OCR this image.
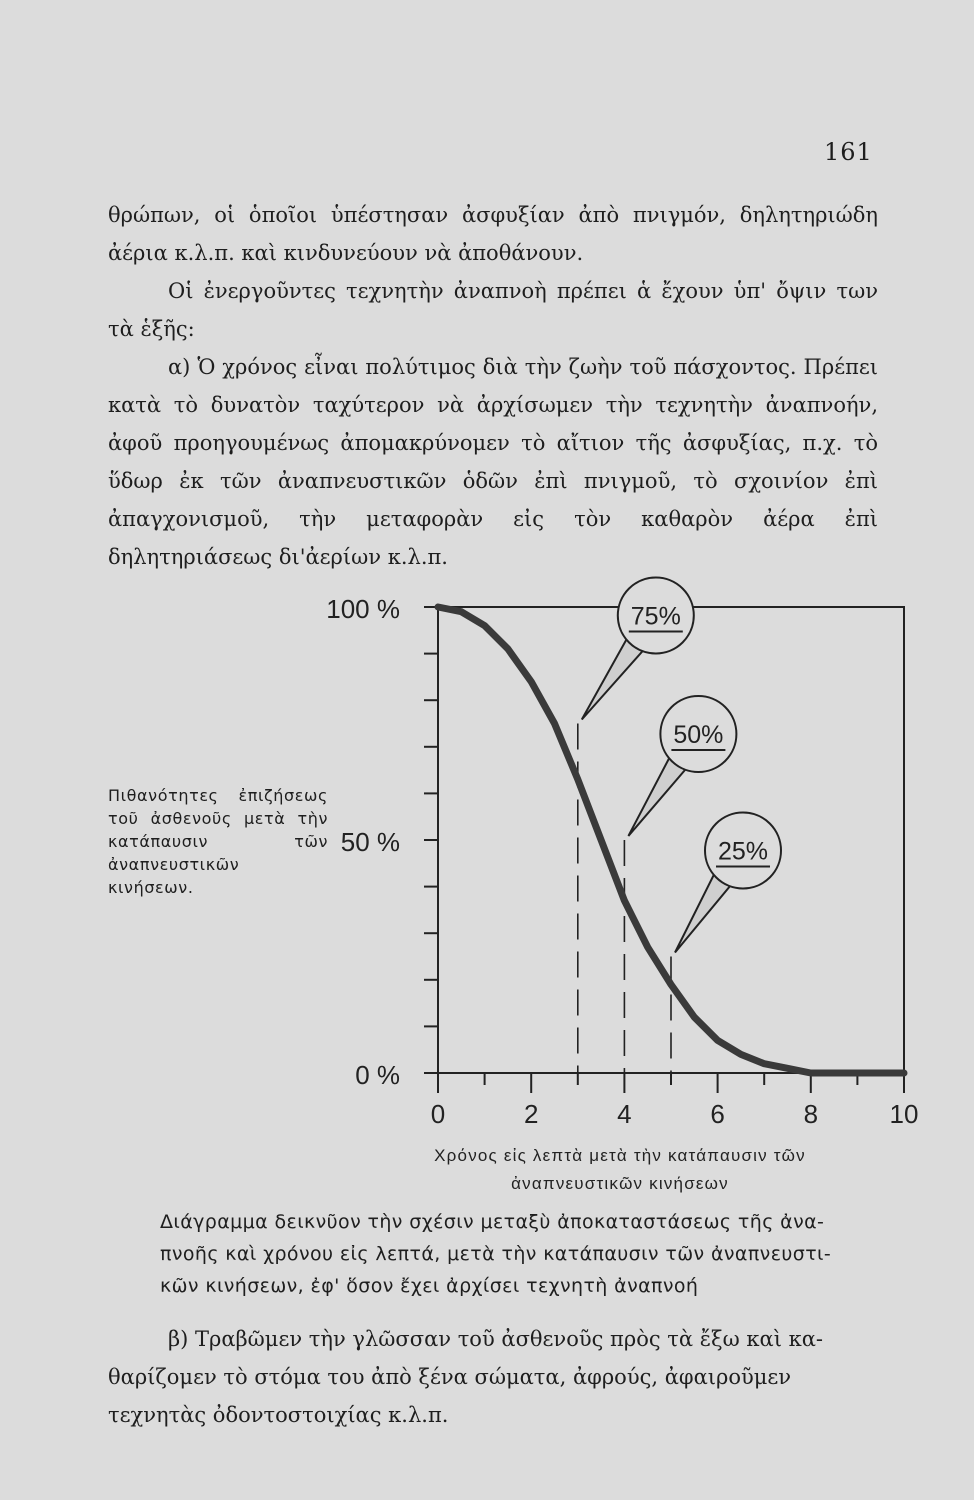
161

θρώπων, οἱ ὁποῖοι ὑπέστησαν ἀσφυξίαν ἀπὸ πνιγμόν, δηλητηριώδη ἀέρια κ.λ.π. καὶ κινδυνεύουν νὰ ἀποθάνουν.

Οἱ ἐνεργοῦντες τεχνητὴν ἀναπνοὴ πρέπει ἁ ἔχουν ὑπ' ὄψιν των τὰ ἑξῆς:

α) Ὁ χρόνος εἶναι πολύτιμος διὰ τὴν ζωὴν τοῦ πάσχοντος. Πρέπει κατὰ τὸ δυνατὸν ταχύτερον νὰ ἀρχίσωμεν τὴν τεχνητὴν ἀναπνοήν, ἀφοῦ προηγουμένως ἀπομακρύνομεν τὸ αἴτιον τῆς ἀσφυξίας, π.χ. τὸ ὕδωρ ἐκ τῶν ἀναπνευστικῶν ὁδῶν ἐπὶ πνιγμοῦ, τὸ σχοινίον ἐπὶ ἀπαγχονισμοῦ, τὴν μεταφορὰν εἰς τὸν καθαρὸν ἀέρα ἐπὶ δηλητηριάσεως δι'ἀερίων κ.λ.π.

Πιθανότητες ἐπιζήσεως τοῦ ἀσθενοῦς μετὰ τὴν κατάπαυσιν τῶν ἀναπνευστικῶν κινήσεων.
0 %
50 %
100 %
0	2	4	6	8	10
Χρόνος εἰς λεπτὰ μετὰ τὴν κατάπαυσιν τῶν
ἀναπνευστικῶν κινήσεων
75%
50%
25%

Διάγραμμα δεικνῦον τὴν σχέσιν μεταξὺ ἀποκαταστάσεως τῆς ἀνα-

πνοῆς καὶ χρόνου εἰς λεπτά, μετὰ τὴν κατάπαυσιν τῶν ἀναπνευστι-

κῶν κινήσεων, ἐφ' ὅσον ἔχει ἀρχίσει τεχνητὴ ἀναπνοή

β) Τραβῶμεν τὴν γλῶσσαν τοῦ ἀσθενοῦς πρὸς τὰ ἔξω καὶ κα-

θαρίζομεν τὸ στόμα του ἀπὸ ξένα σώματα, ἀφρούς, ἀφαιροῦμεν

τεχνητὰς ὀδοντοστοιχίας κ.λ.π.
